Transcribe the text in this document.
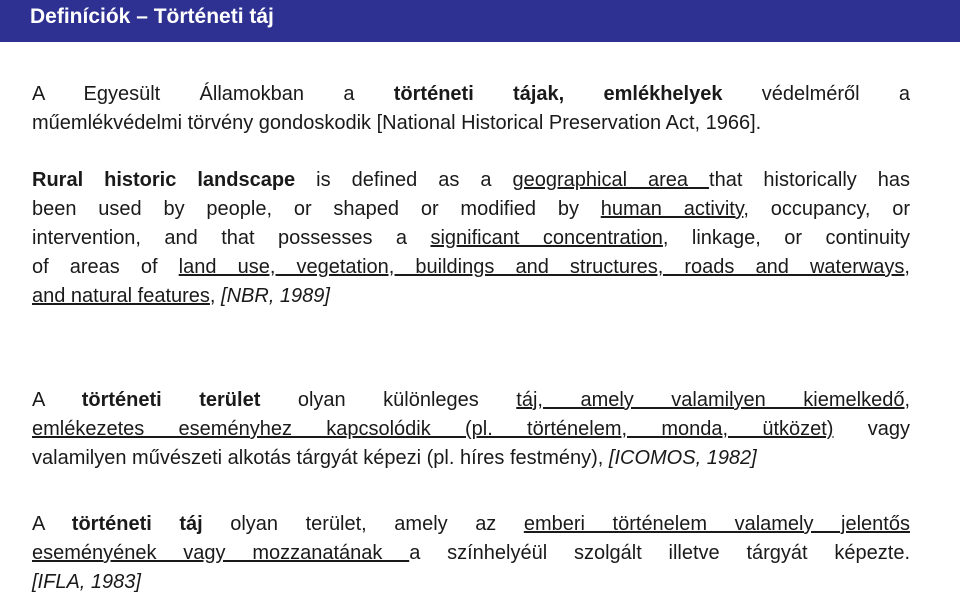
Definíciók – Történeti táj
A Egyesült Államokban a történeti tájak, emlékhelyek védelméről a
műemlékvédelmi törvény gondoskodik [National Historical Preservation Act, 1966].
Rural historic landscape is defined as a geographical area that historically has
been used by people, or shaped or modified by human activity, occupancy, or
intervention, and that possesses a significant concentration, linkage, or continuity
of areas of land use, vegetation, buildings and structures, roads and waterways,
and natural features, [NBR, 1989]
A történeti terület olyan különleges táj, amely valamilyen kiemelkedő,
emlékezetes eseményhez kapcsolódik (pl. történelem, monda, ütközet) vagy
valamilyen művészeti alkotás tárgyát képezi (pl. híres festmény), [ICOMOS, 1982]
A történeti táj olyan terület, amely az emberi történelem valamely jelentős
eseményének vagy mozzanatának a színhelyéül szolgált illetve tárgyát képezte.
[IFLA, 1983]
